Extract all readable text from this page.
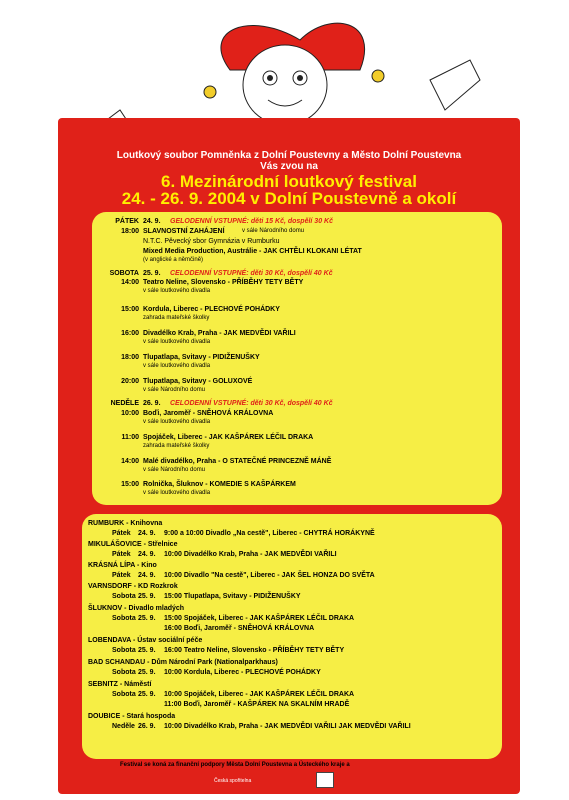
Loutkový soubor Pomněnka z Dolní Poustevny a Město Dolní Poustevna
Vás zvou na
6. Mezinárodní loutkový festival
24. - 26. 9. 2004 v Dolní Poustevně a okolí
PÁTEK 24. 9. GELODENNÍ VSTUPNÉ: děti 15 Kč, dospělí 30 Kč
18:00 SLAVNOSTNÍ ZAHÁJENÍ	v sále Národního domu
N.T.C. Pěvecký sbor Gymnázia v Rumburku
Mixed Media Production, Austrálie - JAK CHTĚLI KLOKANI LÉTAT
(v anglické a němčině)
SOBOTA 25. 9. CELODENNÍ VSTUPNÉ: děti 30 Kč, dospělí 40 Kč
14:00 Teatro Neline, Slovensko - PŘÍBĚHY TETY BĚTY
v sále loutkového divadla
15:00 Kordula, Liberec - PLECHOVÉ POHÁDKY
zahrada mateřské školky
16:00 Divadélko Krab, Praha - JAK MEDVĚDI VAŘILI
v sále loutkového divadla
18:00 Tlupatlapa, Svitavy - PIDIŽENUŠKY
v sále loutkového divadla
20:00 Tlupatlapa, Svitavy - GOLUXOVÉ
v sále Národního domu
NEDĚLE 26. 9. CELODENNÍ VSTUPNÉ: děti 30 Kč, dospělí 40 Kč
10:00 Boďi, Jaroměř - SNĚHOVÁ KRÁLOVNA
v sále loutkového divadla
11:00 Spojáček, Liberec - JAK KAŠPÁREK LÉČIL DRAKA
zahrada mateřské školky
14:00 Malé divadélko, Praha - O STATEČNÉ PRINCEZNĚ MÁNĚ
v sále Národního domu
15:00 Rolnička, Šluknov - KOMEDIE S KAŠPÁRKEM
v sále loutkového divadla
Pro děti z ústavů a dětských domovů vstup zdarma!
RUMBURK - Knihovna
Pátek 24. 9. 9:00 a 10:00 Divadlo „Na cestě", Liberec - CHYTRÁ HORÁKYNĚ
MIKULÁŠOVICE - Střelnice
Pátek 24. 9. 10:00 Divadélko Krab, Praha - JAK MEDVĚDI VAŘILI
KRÁSNÁ LÍPA - Kino
Pátek 24. 9. 10:00 Divadlo "Na cestě", Liberec - JAK ŠEL HONZA DO SVĚTA
VARNSDORF - KD Rozkrok
Sobota 25. 9. 15:00 Tlupatlapa, Svitavy - PIDIŽENUŠKY
ŠLUKNOV - Divadlo mladých
Sobota 25. 9. 15:00 Spojáček, Liberec - JAK KAŠPÁREK LÉČIL DRAKA
16:00 Boďi, Jaroměř - SNĚHOVÁ KRÁLOVNA
LOBENDAVA - Ústav sociální péče
Sobota 25. 9. 16:00 Teatro Neline, Slovensko - PŘÍBĚHY TETY BĚTY
BAD SCHANDAU - Dům Národní Park (Nationalparkhaus)
Sobota 25. 9. 10:00 Kordula, Liberec - PLECHOVÉ POHÁDKY
SEBNITZ - Náměstí
Sobota 25. 9. 10:00 Spojáček, Liberec - JAK KAŠPÁREK LÉČIL DRAKA
11:00 Boďi, Jaroměř - KAŠPÁREK NA SKALNÍM HRADĚ
DOUBICE - Stará hospoda
Neděle 26. 9. 10:00 Divadélko Krab, Praha - JAK MEDVĚDI VAŘILI JAK MEDVĚDI VAŘILI
Festival se koná za finanční podpory Města Dolní Poustevna a Ústeckého kraje a
Česká spořitelna
